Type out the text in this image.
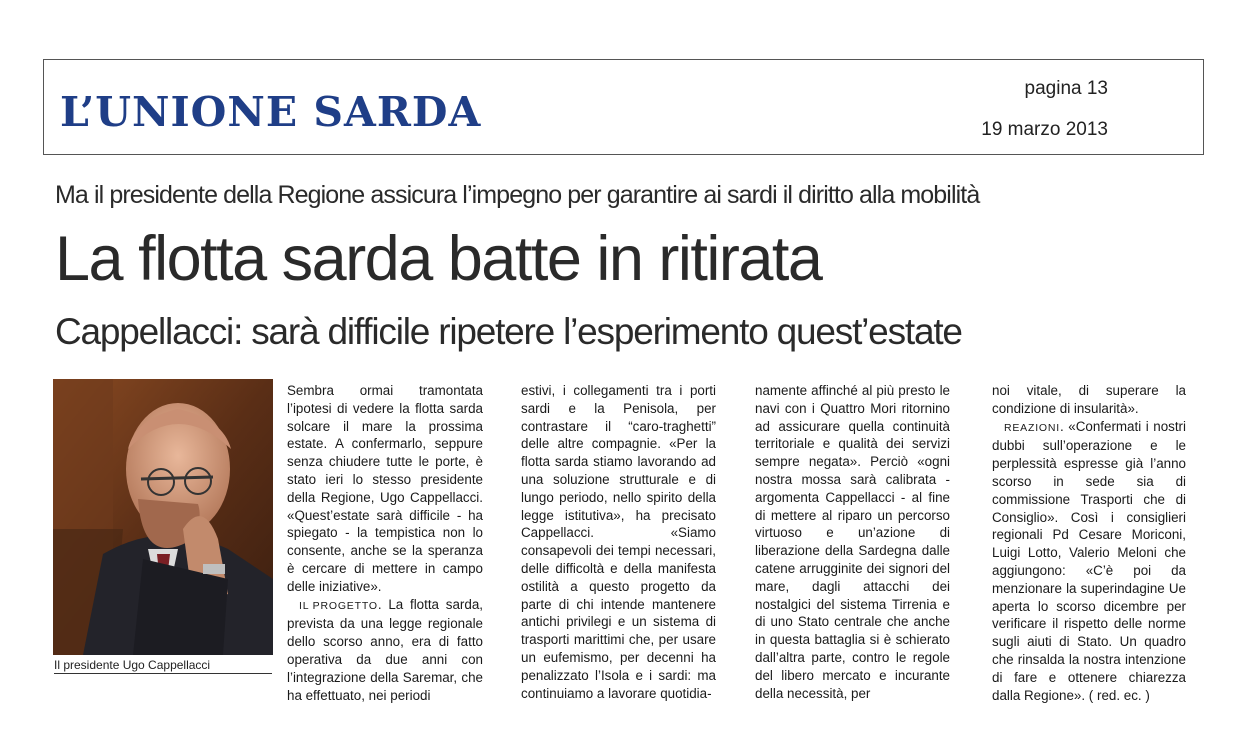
L’UNIONE SARDA	pagina 13
19 marzo 2013
Ma il presidente della Regione assicura l’impegno per garantire ai sardi il diritto alla mobilità
La flotta sarda batte in ritirata
Cappellacci: sarà difficile ripetere l’esperimento quest’estate
Il presidente Ugo Cappellacci

Sembra ormai tramontata l’ipotesi di vedere la flotta sarda solcare il mare la prossima estate. A confermarlo, seppure senza chiudere tutte le porte, è stato ieri lo stesso presidente della Regione, Ugo Cappellacci. «Quest’estate sarà difficile - ha spiegato - la tempistica non lo consente, anche se la speranza è cercare di mettere in campo delle iniziative».

IL PROGETTO. La flotta sarda, prevista da una legge regionale dello scorso anno, era di fatto operativa da due anni con l’integrazione della Saremar, che ha effettuato, nei periodi

estivi, i collegamenti tra i porti sardi e la Penisola, per contrastare il “caro-traghetti” delle altre compagnie. «Per la flotta sarda stiamo lavorando ad una soluzione strutturale e di lungo periodo, nello spirito della legge istitutiva», ha precisato Cappellacci. «Siamo consapevoli dei tempi necessari, delle difficoltà e della manifesta ostilità a questo progetto da parte di chi intende mantenere antichi privilegi e un sistema di trasporti marittimi che, per usare un eufemismo, per decenni ha penalizzato l’Isola e i sardi: ma continuiamo a lavorare quotidia-

namente affinché al più presto le navi con i Quattro Mori ritornino ad assicurare quella continuità territoriale e qualità dei servizi sempre negata». Perciò «ogni nostra mossa sarà calibrata - argomenta Cappellacci - al fine di mettere al riparo un percorso virtuoso e un’azione di liberazione della Sardegna dalle catene arrugginite dei signori del mare, dagli attacchi dei nostalgici del sistema Tirrenia e di uno Stato centrale che anche in questa battaglia si è schierato dall’altra parte, contro le regole del libero mercato e incurante della necessità, per

noi vitale, di superare la condizione di insularità».

REAZIONI. «Confermati i nostri dubbi sull’operazione e le perplessità espresse già l’anno scorso in sede sia di commissione Trasporti che di Consiglio». Così i consiglieri regionali Pd Cesare Moriconi, Luigi Lotto, Valerio Meloni che aggiungono: «C’è poi da menzionare la superindagine Ue aperta lo scorso dicembre per verificare il rispetto delle norme sugli aiuti di Stato. Un quadro che rinsalda la nostra intenzione di fare e ottenere chiarezza dalla Regione». ( red. ec. )
